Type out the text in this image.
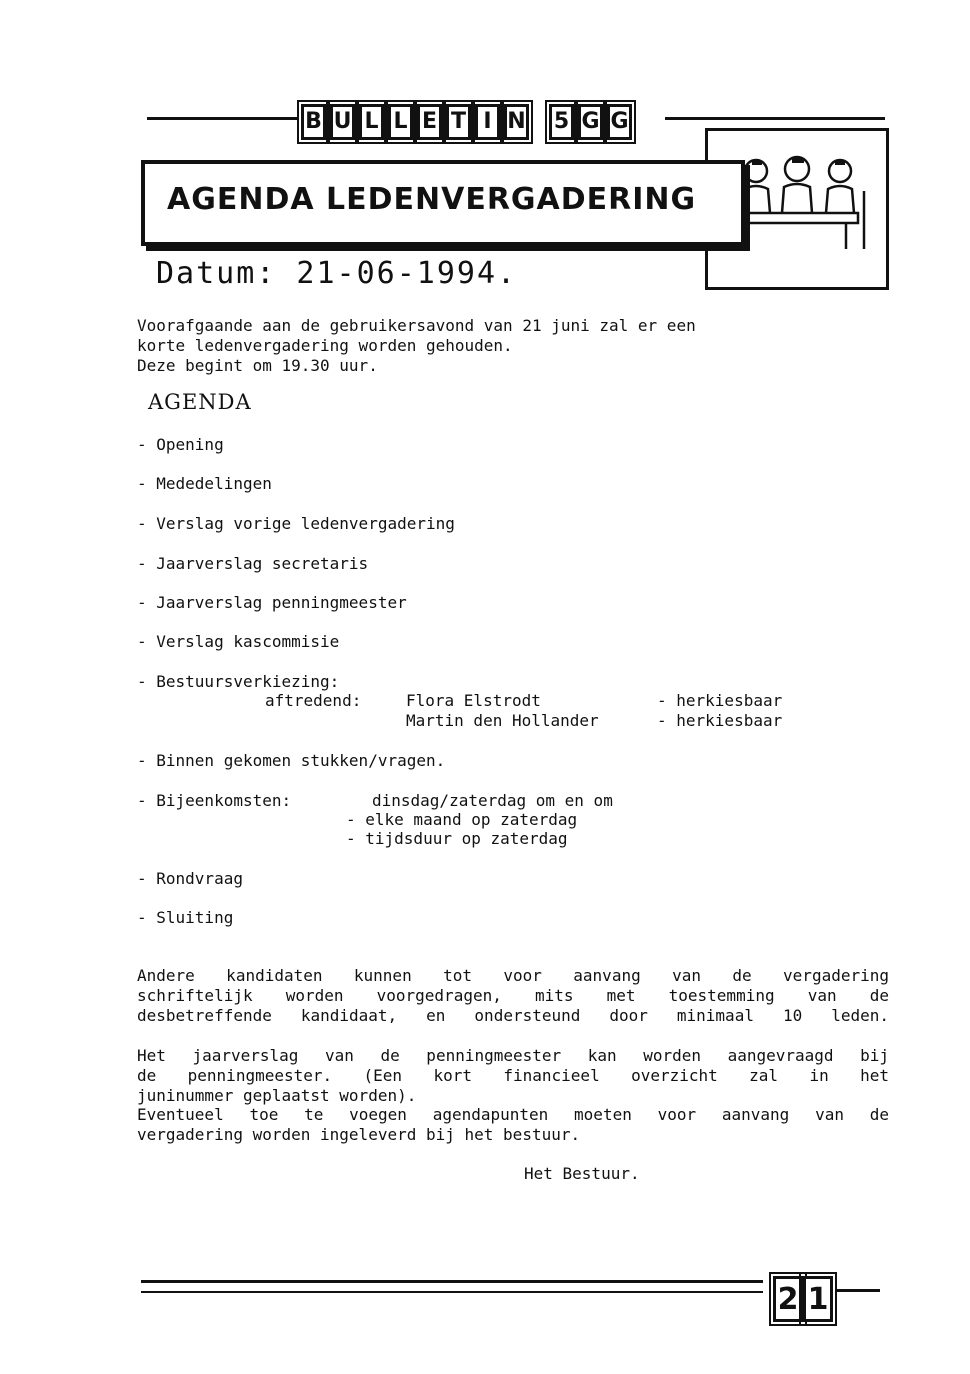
B U L L E T I N 5 G G
AGENDA LEDENVERGADERING
Datum: 21-06-1994.
Voorafgaande aan de gebruikersavond van 21 juni zal er een
korte ledenvergadering worden gehouden.
Deze begint om 19.30 uur.
AGENDA
- Opening
- Mededelingen
- Verslag vorige ledenvergadering
- Jaarverslag secretaris
- Jaarverslag penningmeester
- Verslag kascommisie
- Bestuursverkiezing:
aftredend:	Flora Elstrodt	- herkiesbaar
Martin den Hollander	- herkiesbaar
- Binnen gekomen stukken/vragen.
- Bijeenkomsten:	dinsdag/zaterdag om en om
- elke maand op zaterdag
- tijdsduur op zaterdag
- Rondvraag
- Sluiting
Andere kandidaten kunnen tot voor aanvang van de vergadering
schriftelijk worden voorgedragen, mits met toestemming van de
desbetreffende kandidaat, en ondersteund door minimaal 10 leden.
Het jaarverslag van de penningmeester kan worden aangevraagd bij
de penningmeester. (Een kort financieel overzicht zal in het
juninummer geplaatst worden).
Eventueel toe te voegen agendapunten moeten voor aanvang van de
vergadering worden ingeleverd bij het bestuur.
Het Bestuur.
2 1
